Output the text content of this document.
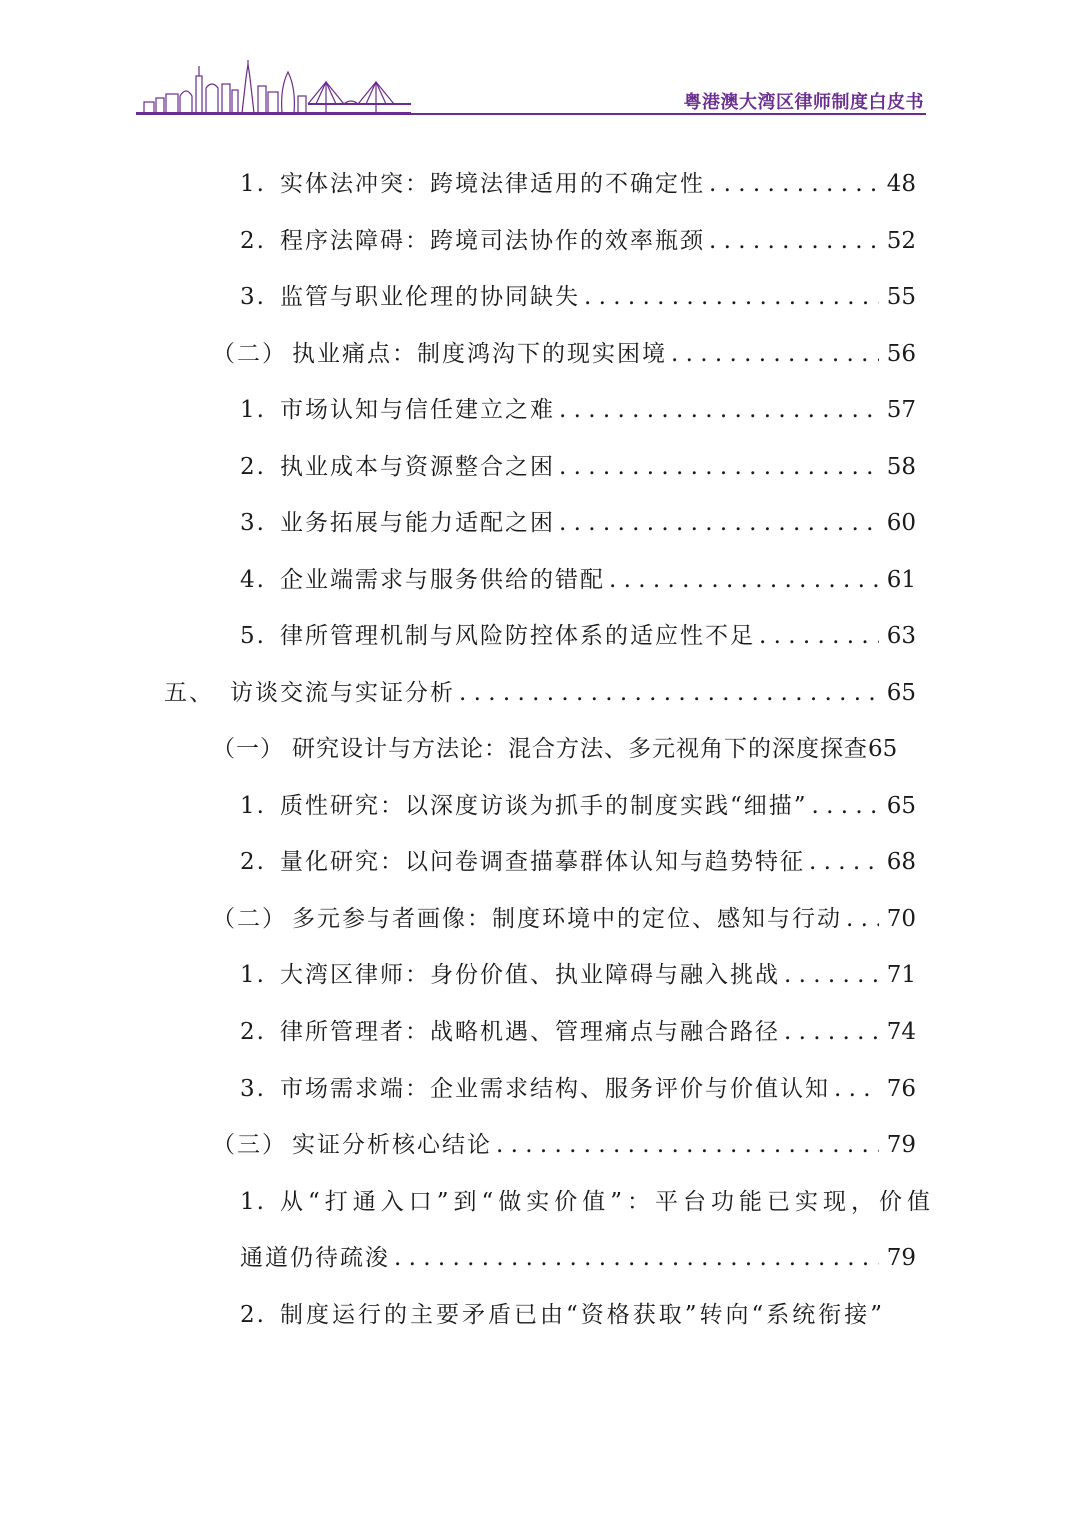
粤港澳大湾区律师制度白皮书
1. 实体法冲突：跨境法律适用的不确定性 . . .	48
2. 程序法障碍：跨境司法协作的效率瓶颈 . . .	52
3. 监管与职业伦理的协同缺失 . . .	55
（二） 执业痛点：制度鸿沟下的现实困境 . . .	56
1. 市场认知与信任建立之难 . . .	57
2. 执业成本与资源整合之困 . . .	58
3. 业务拓展与能力适配之困 . . .	60
4. 企业端需求与服务供给的错配 . . .	61
5. 律所管理机制与风险防控体系的适应性不足 . . .	63
五、 访谈交流与实证分析 . . .	65
（一） 研究设计与方法论：混合方法、多元视角下的深度探查 65
1. 质性研究：以深度访谈为抓手的制度实践“细描” . . .	65
2. 量化研究：以问卷调查描摹群体认知与趋势特征 . . .	68
（二） 多元参与者画像：制度环境中的定位、感知与行动 . . .	70
1. 大湾区律师：身份价值、执业障碍与融入挑战 . . .	71
2. 律所管理者：战略机遇、管理痛点与融合路径 . . .	74
3. 市场需求端：企业需求结构、服务评价与价值认知 . . .	76
（三） 实证分析核心结论 . . .	79
1. 从“打通入口”到“做实价值”：平台功能已实现，价值
通道仍待疏浚 . . .	79
2. 制度运行的主要矛盾已由“资格获取”转向“系统衔接”
